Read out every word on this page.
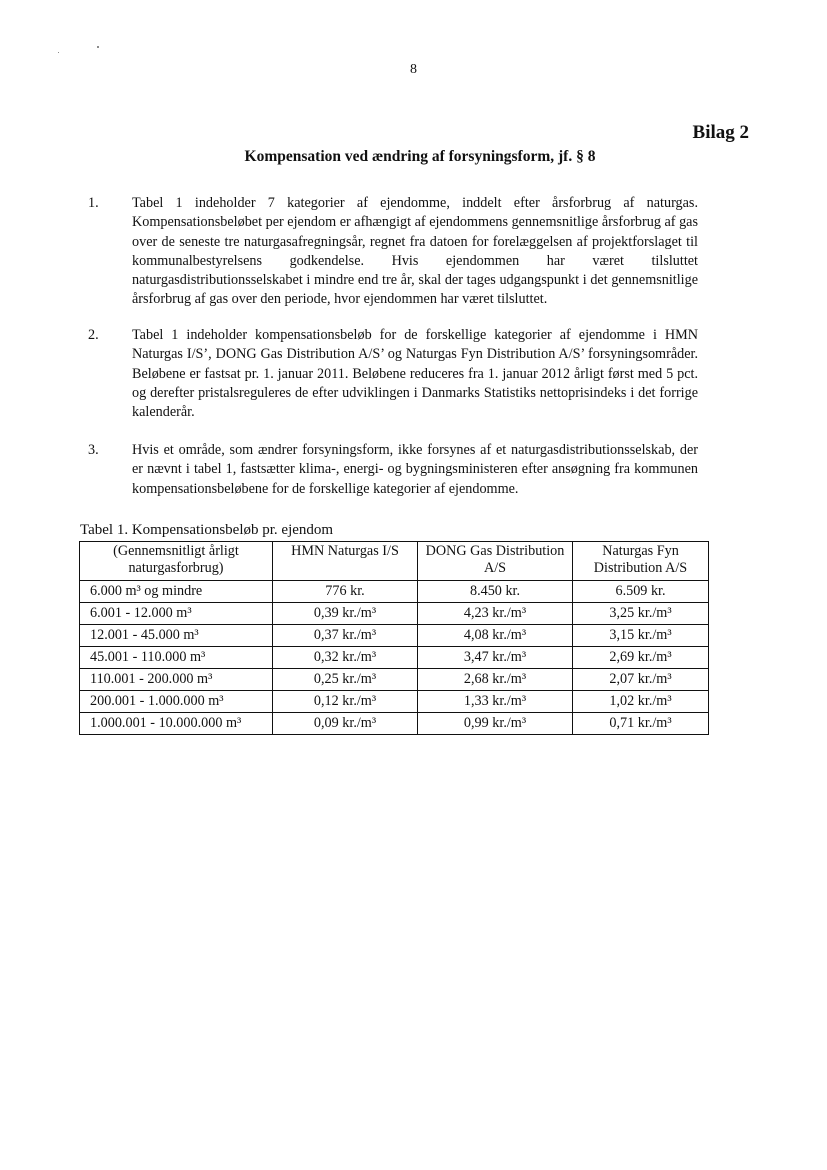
8
Bilag 2
Kompensation ved ændring af forsyningsform, jf. § 8
1.	Tabel 1 indeholder 7 kategorier af ejendomme, inddelt efter årsforbrug af naturgas. Kompensationsbeløbet per ejendom er afhængigt af ejendommens gennemsnitlige årsforbrug af gas over de seneste tre naturgasafregningsår, regnet fra datoen for forelæggelsen af projektforslaget til kommunalbestyrelsens godkendelse. Hvis ejendommen har været tilsluttet naturgasdistributionsselskabet i mindre end tre år, skal der tages udgangspunkt i det gennemsnitlige årsforbrug af gas over den periode, hvor ejendommen har været tilsluttet.
2.	Tabel 1 indeholder kompensationsbeløb for de forskellige kategorier af ejendomme i HMN Naturgas I/S’, DONG Gas Distribution A/S’ og Naturgas Fyn Distribution A/S’ forsyningsområder. Beløbene er fastsat pr. 1. januar 2011. Beløbene reduceres fra 1. januar 2012 årligt først med 5 pct. og derefter pristalsreguleres de efter udviklingen i Danmarks Statistiks nettoprisindeks i det forrige kalenderår.
3.	Hvis et område, som ændrer forsyningsform, ikke forsynes af et naturgasdistributionsselskab, der er nævnt i tabel 1, fastsætter klima-, energi- og bygningsministeren efter ansøgning fra kommunen kompensationsbeløbene for de forskellige kategorier af ejendomme.
Tabel 1. Kompensationsbeløb pr. ejendom
(Gennemsnitligt årligt naturgasforbrug)	HMN Naturgas I/S	DONG Gas Distribution A/S	Naturgas Fyn Distribution A/S
6.000 m³ og mindre	776 kr.	8.450 kr.	6.509 kr.
6.001 - 12.000 m³	0,39 kr./m³	4,23 kr./m³	3,25 kr./m³
12.001 - 45.000 m³	0,37 kr./m³	4,08 kr./m³	3,15 kr./m³
45.001 - 110.000 m³	0,32 kr./m³	3,47 kr./m³	2,69 kr./m³
110.001 - 200.000 m³	0,25 kr./m³	2,68 kr./m³	2,07 kr./m³
200.001 - 1.000.000 m³	0,12 kr./m³	1,33 kr./m³	1,02 kr./m³
1.000.001 - 10.000.000 m³	0,09 kr./m³	0,99 kr./m³	0,71 kr./m³
